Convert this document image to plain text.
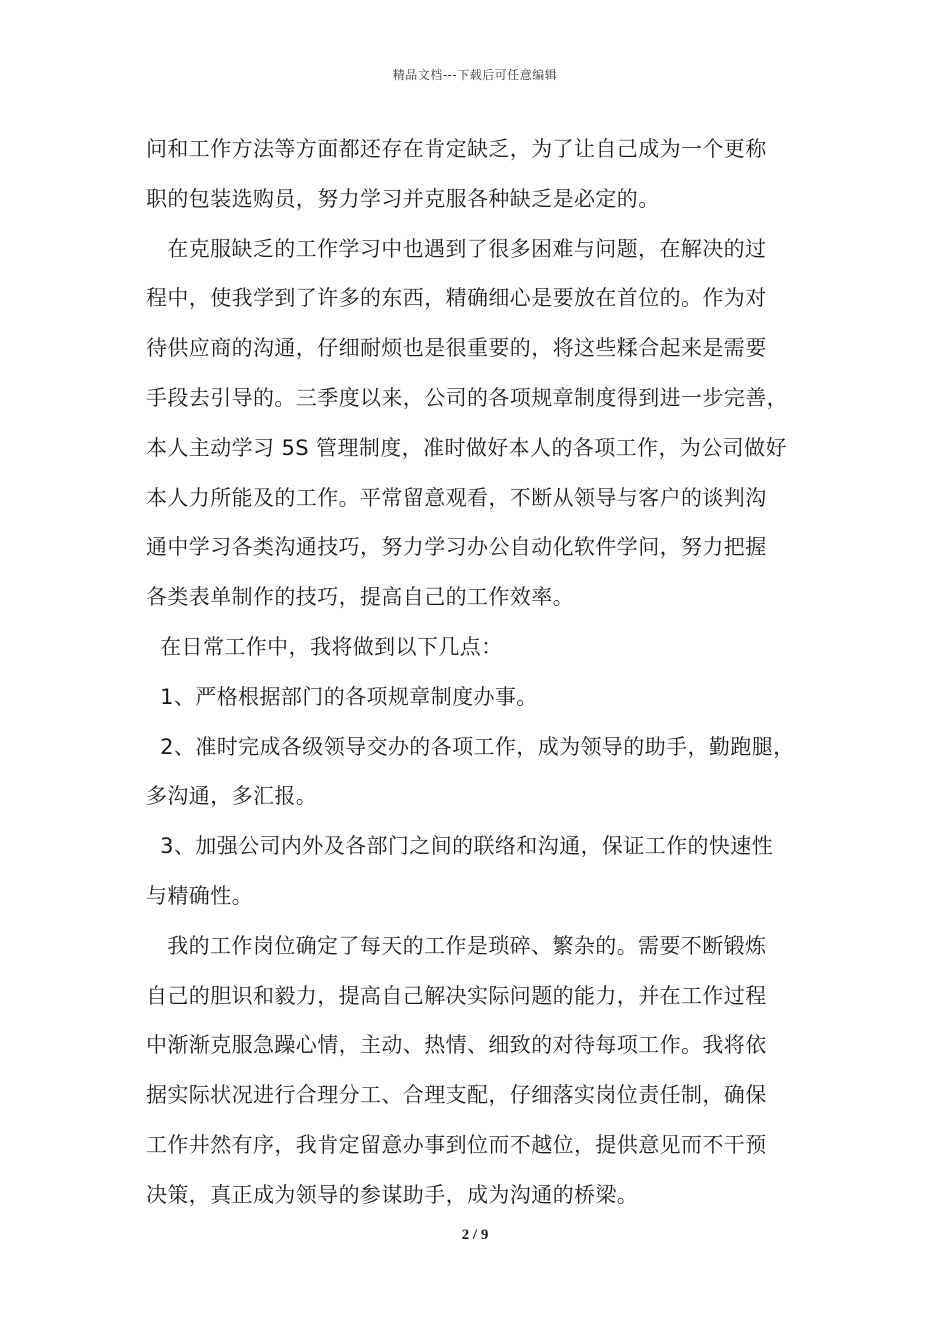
精品文档---下载后可任意编辑
问和工作方法等方面都还存在肯定缺乏，为了让自己成为一个更称
职的包装选购员，努力学习并克服各种缺乏是必定的。
在克服缺乏的工作学习中也遇到了很多困难与问题，在解决的过
程中，使我学到了许多的东西，精确细心是要放在首位的。作为对
待供应商的沟通，仔细耐烦也是很重要的，将这些糅合起来是需要
手段去引导的。三季度以来，公司的各项规章制度得到进一步完善，
本人主动学习 5S 管理制度，准时做好本人的各项工作，为公司做好
本人力所能及的工作。平常留意观看，不断从领导与客户的谈判沟
通中学习各类沟通技巧，努力学习办公自动化软件学问，努力把握
各类表单制作的技巧，提高自己的工作效率。
在日常工作中，我将做到以下几点：
1、严格根据部门的各项规章制度办事。
2、准时完成各级领导交办的各项工作，成为领导的助手，勤跑腿，
多沟通，多汇报。
3、加强公司内外及各部门之间的联络和沟通，保证工作的快速性
与精确性。
我的工作岗位确定了每天的工作是琐碎、繁杂的。需要不断锻炼
自己的胆识和毅力，提高自己解决实际问题的能力，并在工作过程
中渐渐克服急躁心情，主动、热情、细致的对待每项工作。我将依
据实际状况进行合理分工、合理支配，仔细落实岗位责任制，确保
工作井然有序，我肯定留意办事到位而不越位，提供意见而不干预
决策，真正成为领导的参谋助手，成为沟通的桥梁。
2 / 9
